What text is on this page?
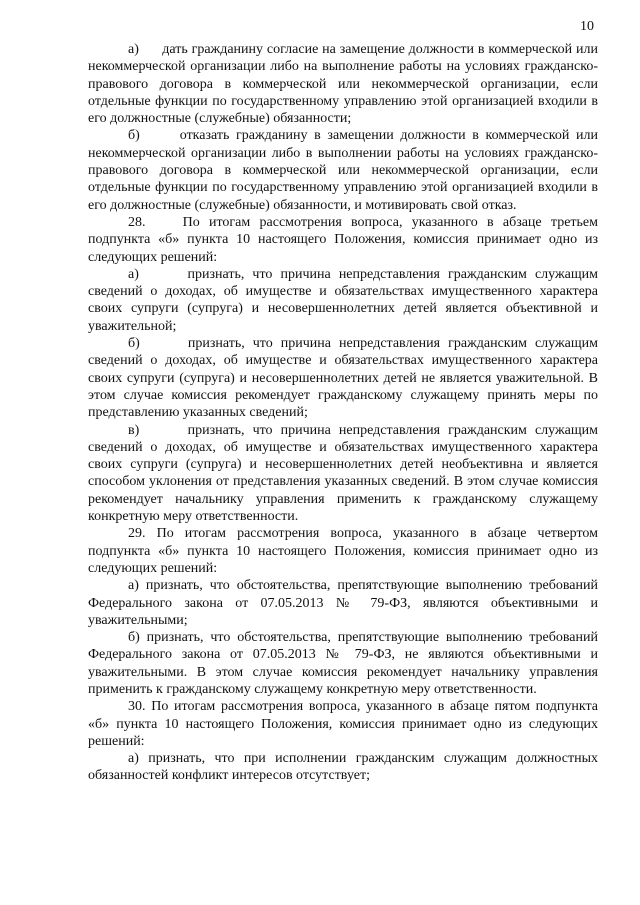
10

а)      дать гражданину согласие на замещение должности в коммерческой или некоммерческой организации либо на выполнение работы на условиях гражданско-правового договора в коммерческой или некоммерческой организации, если отдельные функции по государственному управлению этой организацией входили в его должностные (служебные) обязанности;

б)      отказать гражданину в замещении должности в коммерческой или некоммерческой организации либо в выполнении работы на условиях гражданско-правового договора в коммерческой или некоммерческой организации, если отдельные функции по государственному управлению этой организацией входили в его должностные (служебные) обязанности, и мотивировать свой отказ.

28.    По итогам рассмотрения вопроса, указанного в абзаце третьем подпункта «б» пункта 10 настоящего Положения, комиссия принимает одно из следующих решений:

а)      признать, что причина непредставления гражданским служащим сведений о доходах, об имуществе и обязательствах имущественного характера своих супруги (супруга) и несовершеннолетних детей является объективной и уважительной;

б)      признать, что причина непредставления гражданским служащим сведений о доходах, об имуществе и обязательствах имущественного характера своих супруги (супруга) и несовершеннолетних детей не является уважительной. В этом случае комиссия рекомендует гражданскому служащему принять меры по представлению указанных сведений;

в)      признать, что причина непредставления гражданским служащим сведений о доходах, об имуществе и обязательствах имущественного характера своих супруги (супруга) и несовершеннолетних детей необъективна и является способом уклонения от представления указанных сведений. В этом случае комиссия рекомендует начальнику управления применить к гражданскому служащему конкретную меру ответственности.

29. По итогам рассмотрения вопроса, указанного в абзаце четвертом подпункта «б» пункта 10 настоящего Положения, комиссия принимает одно из следующих решений:

а) признать, что обстоятельства, препятствующие выполнению требований Федерального закона от 07.05.2013 № 79-ФЗ, являются объективными и уважительными;

б) признать, что обстоятельства, препятствующие выполнению требований Федерального закона от 07.05.2013 № 79-ФЗ, не являются объективными и уважительными. В этом случае комиссия рекомендует начальнику управления применить к гражданскому служащему конкретную меру ответственности.

30. По итогам рассмотрения вопроса, указанного в абзаце пятом подпункта «б» пункта 10 настоящего Положения, комиссия принимает одно из следующих решений:

а) признать, что при исполнении гражданским служащим должностных обязанностей конфликт интересов отсутствует;
